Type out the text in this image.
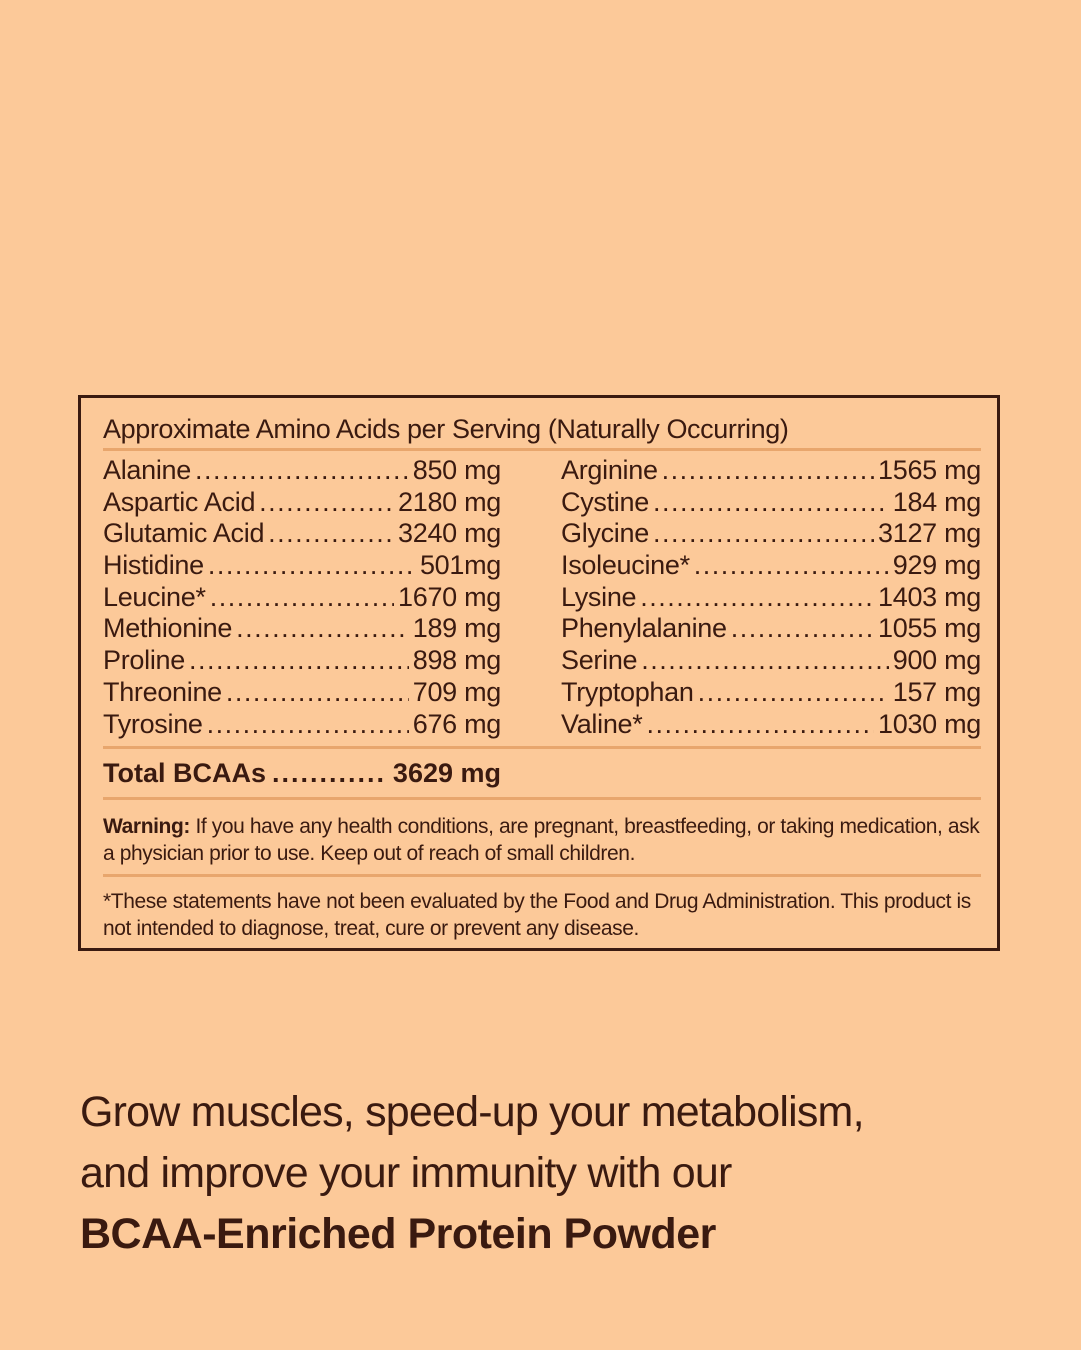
Approximate Amino Acids per Serving (Naturally Occurring)
Alanine .....	850 mg
Aspartic Acid .....	2180 mg
Glutamic Acid .....	3240 mg
Histidine .....	501mg
Leucine* .....	1670 mg
Methionine .....	189 mg
Proline .....	898 mg
Threonine .....	709 mg
Tyrosine .....	676 mg
Arginine .....	1565 mg
Cystine .....	184 mg
Glycine .....	3127 mg
Isoleucine* .....	929 mg
Lysine .....	1403 mg
Phenylalanine .....	1055 mg
Serine .....	900 mg
Tryptophan .....	157 mg
Valine* .....	1030 mg
Total BCAAs .....	3629 mg
Warning: If you have any health conditions, are pregnant, breastfeeding, or taking medication, ask a physician prior to use. Keep out of reach of small children.
*These statements have not been evaluated by the Food and Drug Administration. This product is not intended to diagnose, treat, cure or prevent any disease.
Grow muscles, speed-up your metabolism,
and improve your immunity with our
BCAA-Enriched Protein Powder
